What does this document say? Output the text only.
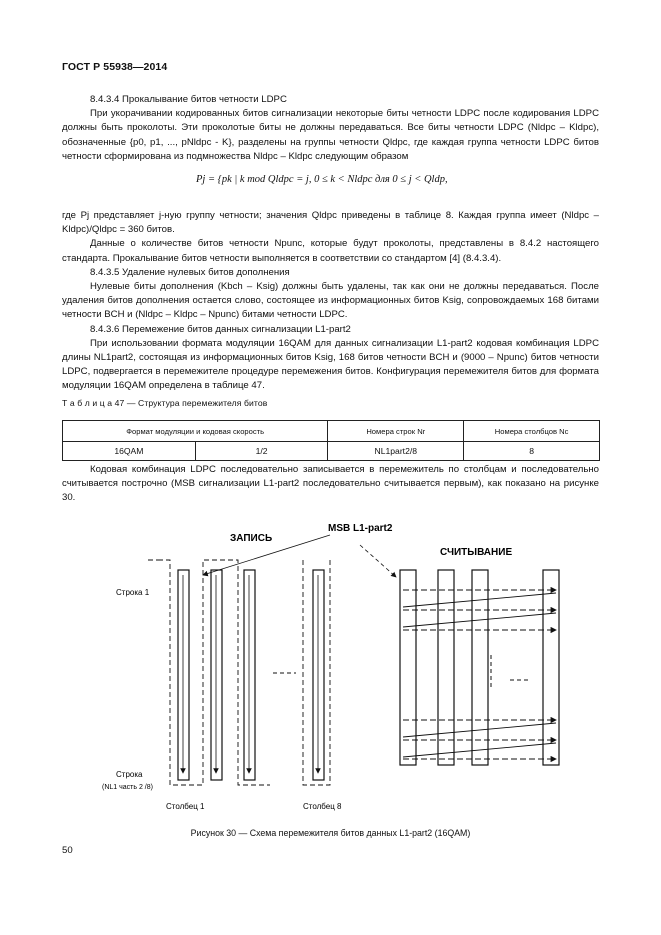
ГОСТ Р 55938—2014

8.4.3.4 Прокалывание битов четности LDPC

При укорачивании кодированных битов сигнализации некоторые биты четности LDPC после кодирования LDPC должны быть проколоты. Эти проколотые биты не должны передаваться. Все биты четности LDPC (Nldpc – Kldpc), обозначенные {p0, p1, ..., pNldpc - K}, разделены на группы четности Qldpc, где каждая группа четности LDPC битов четности сформирована из подмножества Nldpc – Kldpc следующим образом

Pj = {pk | k mod Qldpc = j, 0 ≤ k < Nldpc для 0 ≤ j < Qldp,

где Pj представляет j-ную группу четности; значения Qldpc приведены в таблице 8. Каждая группа имеет (Nldpc – Kldpc)/Qldpc = 360 битов.

Данные о количестве битов четности Npunc, которые будут проколоты, представлены в 8.4.2 настоящего стандарта. Прокалывание битов четности выполняется в соответствии со стандартом [4] (8.4.3.4).

8.4.3.5 Удаление нулевых битов дополнения

Нулевые биты дополнения (Kbch – Ksig) должны быть удалены, так как они не должны передаваться. После удаления битов дополнения остается слово, состоящее из информационных битов Ksig, сопровождаемых 168 битами четности BCH и (Nldpc – Kldpc – Npunc) битами четности LDPC.

8.4.3.6 Перемежение битов данных сигнализации L1-part2

При использовании формата модуляции 16QAM для данных сигнализации L1-part2 кодовая комбинация LDPC длины NL1part2, состоящая из информационных битов Ksig, 168 битов четности BCH и (9000 – Npunc) битов четности LDPC, подвергается в перемежителе процедуре перемежения битов. Конфигурация перемежителя битов для формата модуляции 16QAM определена в таблице 47.

Т а б л и ц а 47 — Структура перемежителя битов
Формат модуляции и кодовая скорость		Номера строк Nr	Номера столбцов Nc
16QAM	1/2	NL1part2/8	8

Кодовая комбинация LDPC последовательно записывается в перемежитель по столбцам и последовательно считывается построчно (MSB сигнализации L1-part2 последовательно считывается первым), как показано на рисунке 30.

ЗАПИСЬ
MSB L1-part2
Строка 1
Строка
(NL1 часть 2 /8)
Столбец 1	Столбец 8
СЧИТЫВАНИЕ
Рисунок 30 — Схема перемежителя битов данных L1-part2 (16QAM)
50
